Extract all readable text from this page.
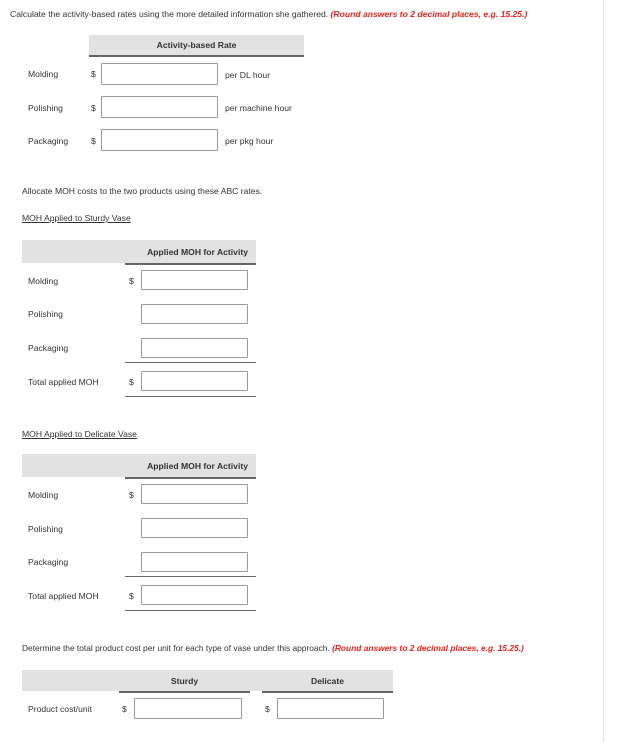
Calculate the activity-based rates using the more detailed information she gathered. (Round answers to 2 decimal places, e.g. 15.25.)
Activity-based Rate
Molding	$	per DL hour
Polishing	$	per machine hour
Packaging	$	per pkg hour
Allocate MOH costs to the two products using these ABC rates.
MOH Applied to Sturdy Vase
Applied MOH for Activity
Molding	$
Polishing
Packaging
Total applied MOH	$
MOH Applied to Delicate Vase
Applied MOH for Activity
Molding	$
Polishing
Packaging
Total applied MOH	$
Determine the total product cost per unit for each type of vase under this approach. (Round answers to 2 decimal places, e.g. 15.25.)
Sturdy	Delicate
Product cost/unit	$	$
